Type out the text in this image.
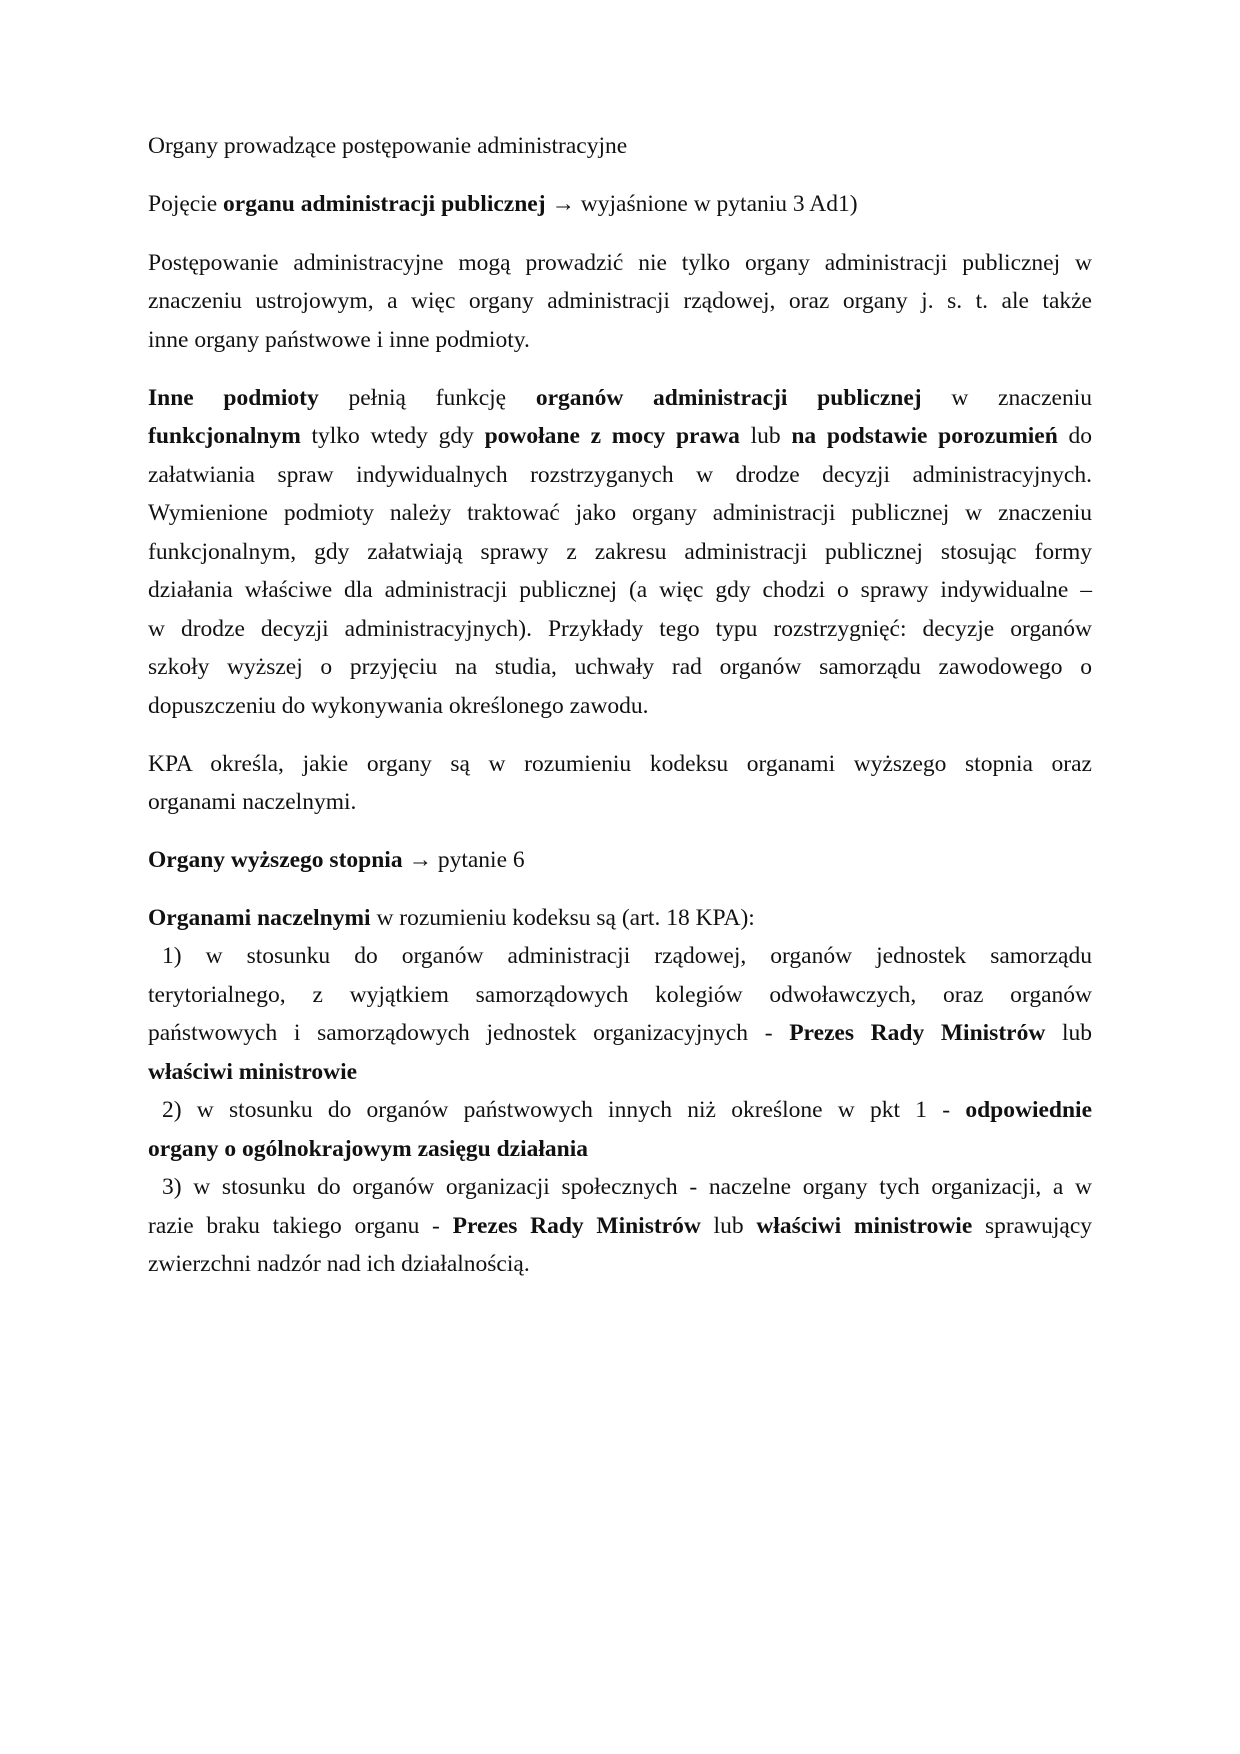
Organy prowadzące postępowanie administracyjne
Pojęcie organu administracji publicznej → wyjaśnione w pytaniu 3 Ad1)
Postępowanie administracyjne mogą prowadzić nie tylko organy administracji publicznej w
znaczeniu ustrojowym, a więc organy administracji rządowej, oraz organy j. s. t. ale także
inne organy państwowe i inne podmioty.
Inne podmioty pełnią funkcję organów administracji publicznej w znaczeniu
funkcjonalnym tylko wtedy gdy powołane z mocy prawa lub na podstawie porozumień do
załatwiania spraw indywidualnych rozstrzyganych w drodze decyzji administracyjnych.
Wymienione podmioty należy traktować jako organy administracji publicznej w znaczeniu
funkcjonalnym, gdy załatwiają sprawy z zakresu administracji publicznej stosując formy
działania właściwe dla administracji publicznej (a więc gdy chodzi o sprawy indywidualne –
w drodze decyzji administracyjnych). Przykłady tego typu rozstrzygnięć: decyzje organów
szkoły wyższej o przyjęciu na studia, uchwały rad organów samorządu zawodowego o
dopuszczeniu do wykonywania określonego zawodu.
KPA określa, jakie organy są w rozumieniu kodeksu organami wyższego stopnia oraz
organami naczelnymi.
Organy wyższego stopnia → pytanie 6
Organami naczelnymi w rozumieniu kodeksu są (art. 18 KPA):
1) w stosunku do organów administracji rządowej, organów jednostek samorządu
terytorialnego, z wyjątkiem samorządowych kolegiów odwoławczych, oraz organów
państwowych i samorządowych jednostek organizacyjnych - Prezes Rady Ministrów lub
właściwi ministrowie
2) w stosunku do organów państwowych innych niż określone w pkt 1 - odpowiednie
organy o ogólnokrajowym zasięgu działania
3) w stosunku do organów organizacji społecznych - naczelne organy tych organizacji, a w
razie braku takiego organu - Prezes Rady Ministrów lub właściwi ministrowie sprawujący
zwierzchni nadzór nad ich działalnością.
